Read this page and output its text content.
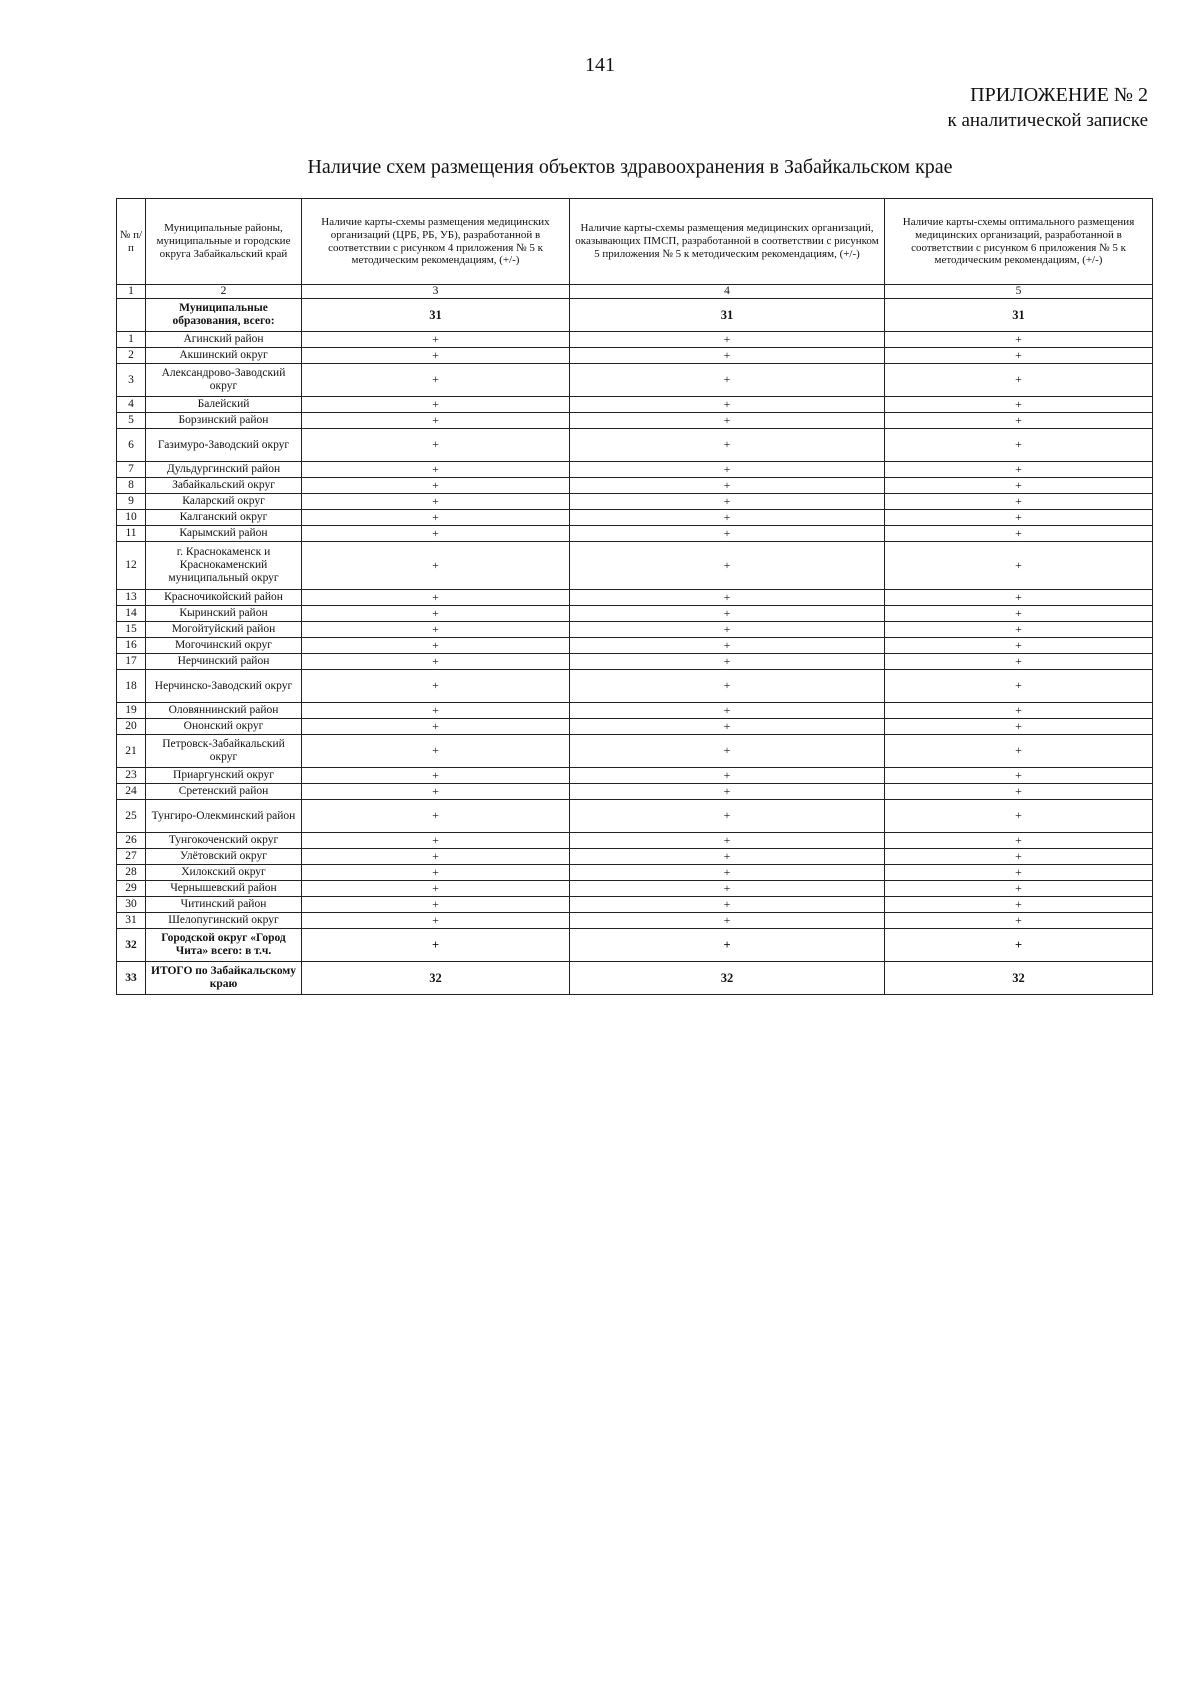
141
ПРИЛОЖЕНИЕ № 2
к аналитической записке
Наличие схем размещения объектов здравоохранения в Забайкальском крае
№ п/п	Муниципальные районы, муниципальные и городские округа Забайкальский край	Наличие карты-схемы размещения медицинских организаций (ЦРБ, РБ, УБ), разработанной в соответствии с рисунком 4 приложения № 5 к методическим рекомендациям, (+/-)	Наличие карты-схемы размещения медицинских организаций, оказывающих ПМСП, разработанной в соответствии с рисунком 5 приложения № 5 к методическим рекомендациям, (+/-)	Наличие карты-схемы оптимального размещения медицинских организаций, разработанной в соответствии с рисунком 6 приложения № 5 к методическим рекомендациям, (+/-)
1	2	3	4	5
	Муниципальные образования, всего:	31	31	31
1	Агинский район	+	+	+
2	Акшинский округ	+	+	+
3	Александрово-Заводский округ	+	+	+
4	Балейский	+	+	+
5	Борзинский район	+	+	+
6	Газимуро-Заводский округ	+	+	+
7	Дульдургинский район	+	+	+
8	Забайкальский округ	+	+	+
9	Каларский округ	+	+	+
10	Калганский округ	+	+	+
11	Карымский район	+	+	+
12	г. Краснокаменск и Краснокаменский муниципальный округ	+	+	+
13	Красночикойский район	+	+	+
14	Кыринский район	+	+	+
15	Могойтуйский район	+	+	+
16	Могочинский округ	+	+	+
17	Нерчинский район	+	+	+
18	Нерчинско-Заводский округ	+	+	+
19	Оловяннинский район	+	+	+
20	Ононский округ	+	+	+
21	Петровск-Забайкальский округ	+	+	+
23	Приаргунский округ	+	+	+
24	Сретенский район	+	+	+
25	Тунгиро-Олекминский район	+	+	+
26	Тунгокоченский округ	+	+	+
27	Улётовский округ	+	+	+
28	Хилокский округ	+	+	+
29	Чернышевский район	+	+	+
30	Читинский район	+	+	+
31	Шелопугинский округ	+	+	+
32	Городской округ «Город Чита» всего: в т.ч.	+	+	+
33	ИТОГО по Забайкальскому краю	32	32	32
